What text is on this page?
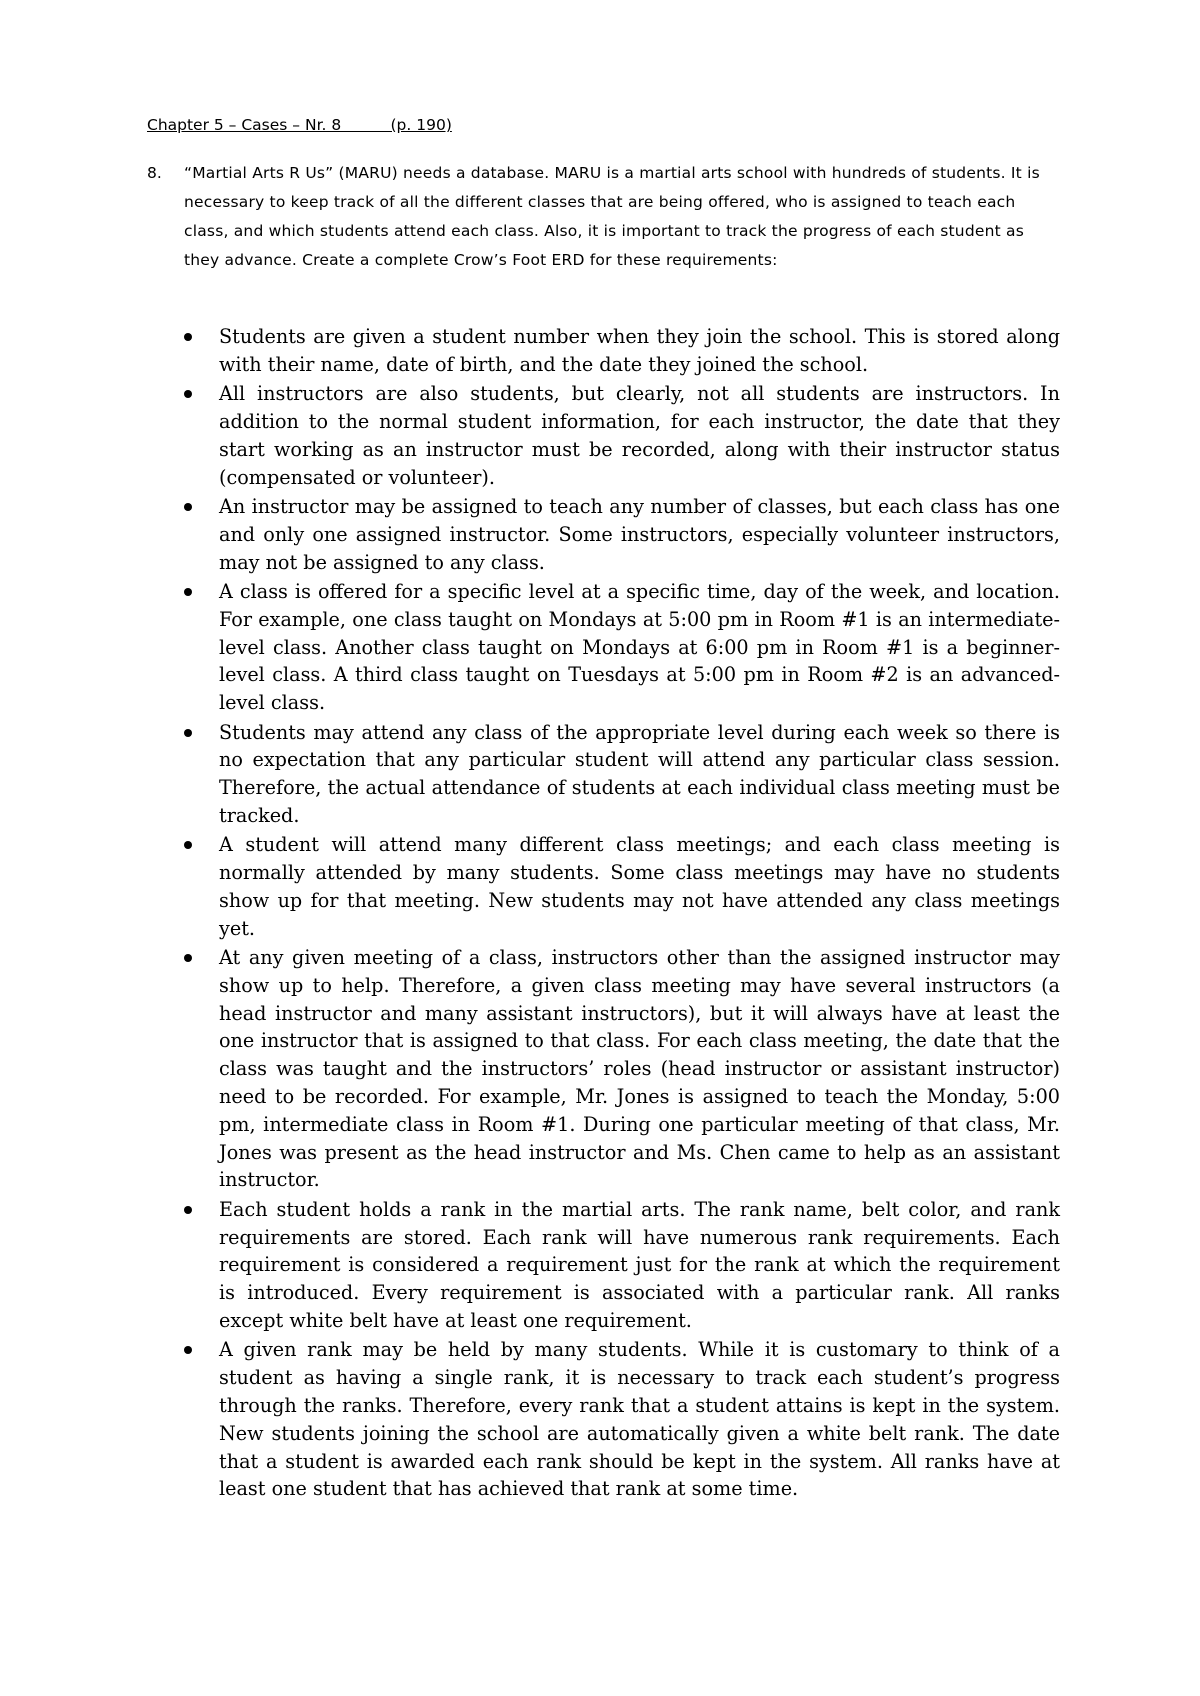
Chapter 5 – Cases – Nr. 8          (p. 190)

8.	“Martial Arts R Us” (MARU) needs a database. MARU is a martial arts school with hundreds of students. It is necessary to keep track of all the different classes that are being offered, who is assigned to teach each class, and which students attend each class. Also, it is important to track the progress of each student as they advance. Create a complete Crow’s Foot ERD for these requirements:
Students are given a student number when they join the school. This is stored along with their name, date of birth, and the date they joined the school.
All instructors are also students, but clearly, not all students are instructors. In addition to the normal student information, for each instructor, the date that they start working as an instructor must be recorded, along with their instructor status (compensated or volunteer).
An instructor may be assigned to teach any number of classes, but each class has one and only one assigned instructor. Some instructors, especially volunteer instructors, may not be assigned to any class.
A class is offered for a specific level at a specific time, day of the week, and location. For example, one class taught on Mondays at 5:00 pm in Room #1 is an intermediate-level class. Another class taught on Mondays at 6:00 pm in Room #1 is a beginner-level class. A third class taught on Tuesdays at 5:00 pm in Room #2 is an advanced-level class.
Students may attend any class of the appropriate level during each week so there is no expectation that any particular student will attend any particular class session. Therefore, the actual attendance of students at each individual class meeting must be tracked.
A student will attend many different class meetings; and each class meeting is normally attended by many students. Some class meetings may have no students show up for that meeting. New students may not have attended any class meetings yet.
At any given meeting of a class, instructors other than the assigned instructor may show up to help. Therefore, a given class meeting may have several instructors (a head instructor and many assistant instructors), but it will always have at least the one instructor that is assigned to that class. For each class meeting, the date that the class was taught and the instructors’ roles (head instructor or assistant instructor) need to be recorded. For example, Mr. Jones is assigned to teach the Monday, 5:00 pm, intermediate class in Room #1. During one particular meeting of that class, Mr. Jones was present as the head instructor and Ms. Chen came to help as an assistant instructor.
Each student holds a rank in the martial arts. The rank name, belt color, and rank requirements are stored. Each rank will have numerous rank requirements. Each requirement is considered a requirement just for the rank at which the requirement is introduced. Every requirement is associated with a particular rank. All ranks except white belt have at least one requirement.
A given rank may be held by many students. While it is customary to think of a student as having a single rank, it is necessary to track each student’s progress through the ranks. Therefore, every rank that a student attains is kept in the system. New students joining the school are automatically given a white belt rank. The date that a student is awarded each rank should be kept in the system. All ranks have at least one student that has achieved that rank at some time.
